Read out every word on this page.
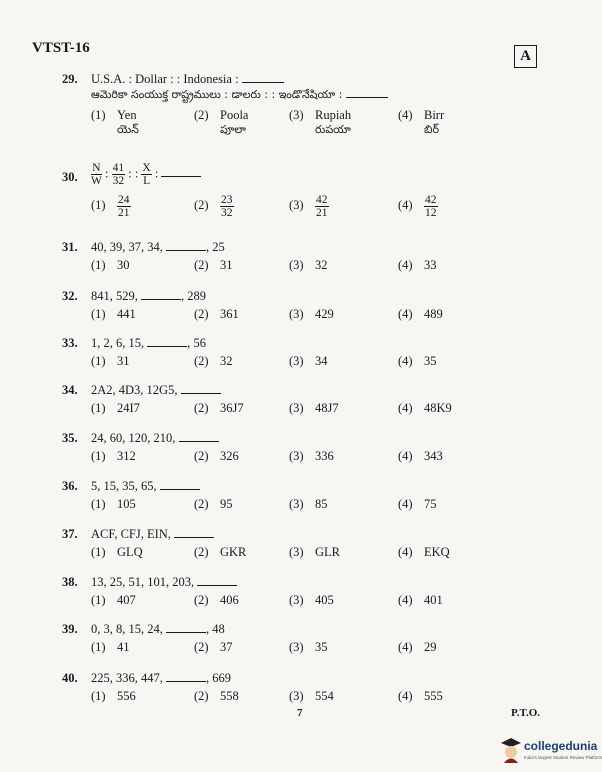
VTST-16	A
29.	U.S.A. : Dollar : : Indonesia :
ఆమెరికా సంయుక్త రాష్ట్రములు : డాలరు : : ఇండొనేషియా :
(1) Yen
యెన్
(2) Poola
పూలా
(3) Rupiah
రుపయా
(4) Birr
బిర్
30.	$\frac{N}{W}$ : $\frac{41}{32}$ : : $\frac{X}{L}$ :
$(1) \frac{24}{21}$	$(2) \frac{23}{32}$	$(3) \frac{42}{21}$	$(4) \frac{42}{12}$
31.	40, 39, 37, 34,	, 25
(1) 30	(2) 31	(3) 32	(4) 33
32.	841, 529,	, 289
(1) 441	(2) 361	(3) 429	(4) 489
33.	1, 2, 6, 15,	, 56
(1) 31	(2) 32	(3) 34	(4) 35
34.	2A2, 4D3, 12G5,
(1) 24I7	(2) 36J7	(3) 48J7	(4) 48K9
35.	24, 60, 120, 210,
(1) 312	(2) 326	(3) 336	(4) 343
36.	5, 15, 35, 65,
(1) 105	(2) 95	(3) 85	(4) 75
37.	ACF, CFJ, EIN,
(1) GLQ	(2) GKR	(3) GLR	(4) EKQ
38.	13, 25, 51, 101, 203,
(1) 407	(2) 406	(3) 405	(4) 401
39.	0, 3, 8, 15, 24,	, 48
(1) 41	(2) 37	(3) 35	(4) 29
40.	225, 336, 447,	, 669
(1) 556	(2) 558	(3) 554	(4) 555
7	P.T.O.
collegedunia
India's largest Student Review Platform
